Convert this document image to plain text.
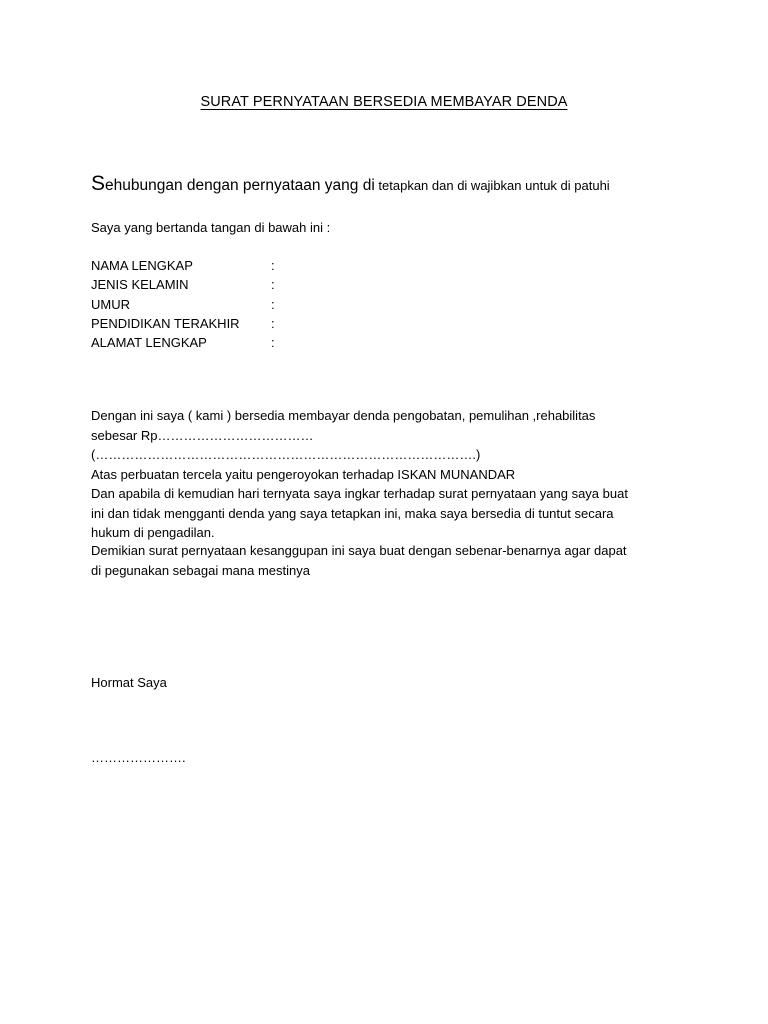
SURAT PERNYATAAN BERSEDIA MEMBAYAR DENDA
Sehubungan dengan pernyataan yang di tetapkan dan di wajibkan untuk di patuhi
Saya yang bertanda tangan di bawah ini :
NAMA LENGKAP	:
JENIS KELAMIN	:
UMUR	:
PENDIDIKAN TERAKHIR	:
ALAMAT LENGKAP	:

Dengan ini saya ( kami ) bersedia membayar denda pengobatan, pemulihan ,rehabilitas

sebesar Rp……………………………… (…………………………………………………………………………….)

Atas perbuatan tercela yaitu pengeroyokan terhadap ISKAN MUNANDAR

Dan apabila di kemudian hari ternyata saya ingkar terhadap surat pernyataan yang saya buat

ini dan tidak mengganti denda yang saya tetapkan ini, maka saya bersedia di tuntut secara

hukum di pengadilan.

Demikian surat pernyataan kesanggupan ini saya buat dengan sebenar-benarnya agar dapat

di pegunakan sebagai mana mestinya

Hormat Saya
………………….
